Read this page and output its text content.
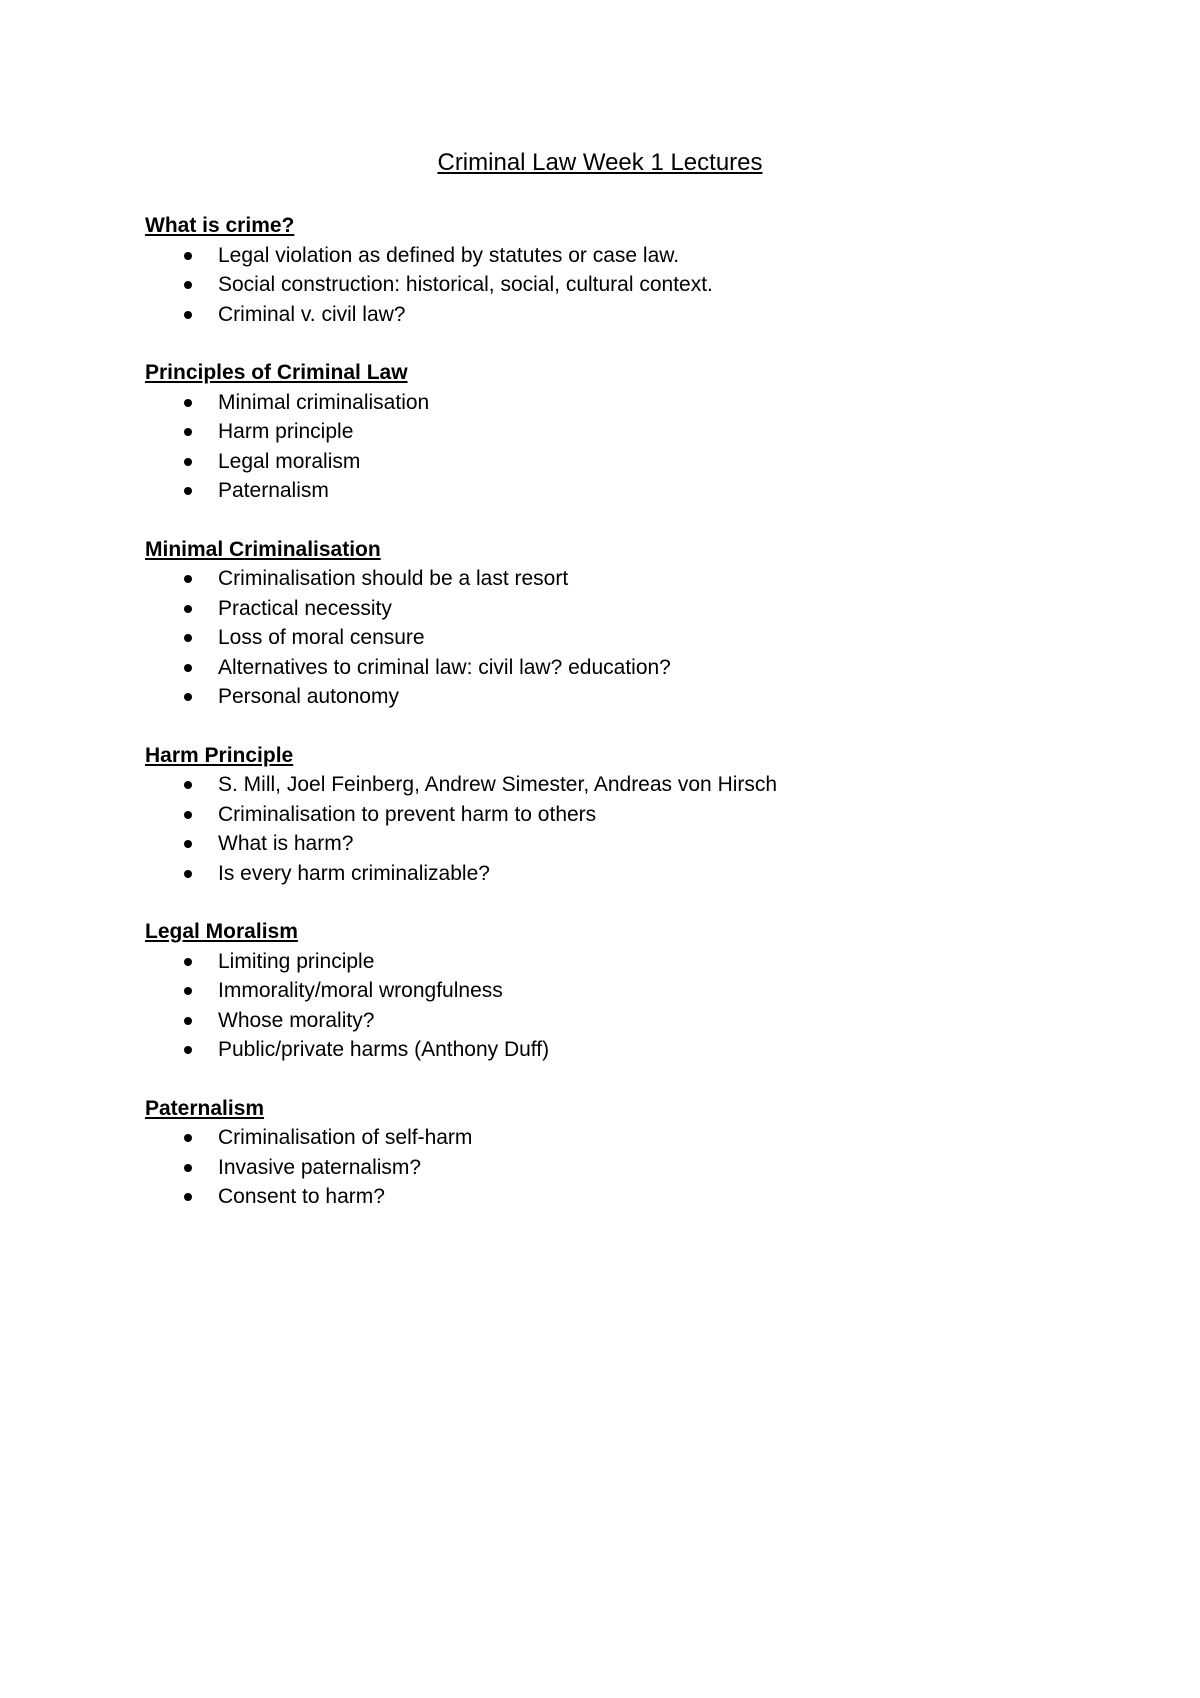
Criminal Law Week 1 Lectures
What is crime?
Legal violation as defined by statutes or case law.
Social construction: historical, social, cultural context.
Criminal v. civil law?
Principles of Criminal Law
Minimal criminalisation
Harm principle
Legal moralism
Paternalism
Minimal Criminalisation
Criminalisation should be a last resort
Practical necessity
Loss of moral censure
Alternatives to criminal law: civil law? education?
Personal autonomy
Harm Principle
S. Mill, Joel Feinberg, Andrew Simester, Andreas von Hirsch
Criminalisation to prevent harm to others
What is harm?
Is every harm criminalizable?
Legal Moralism
Limiting principle
Immorality/moral wrongfulness
Whose morality?
Public/private harms (Anthony Duff)
Paternalism
Criminalisation of self-harm
Invasive paternalism?
Consent to harm?
